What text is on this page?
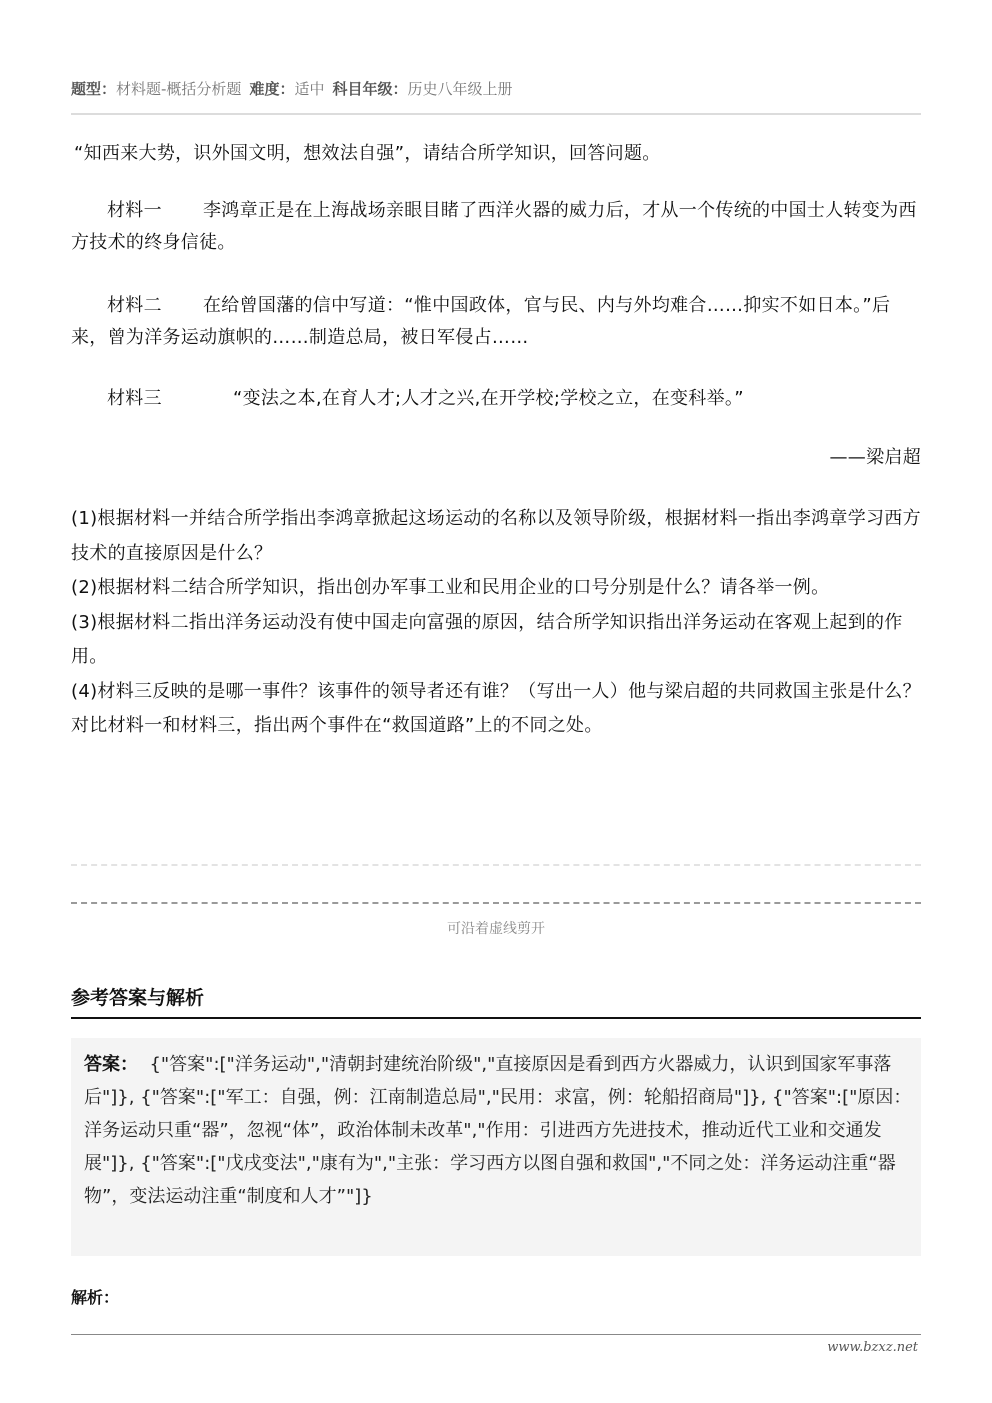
题型：材料题-概括分析题 难度：适中 科目年级：历史八年级上册
“知西来大势，识外国文明，想效法自强”，请结合所学知识，回答问题。
材料一 李鸿章正是在上海战场亲眼目睹了西洋火器的威力后，才从一个传统的中国士人转变为西方技术的终身信徒。
材料二 在给曾国藩的信中写道：“惟中国政体，官与民、内与外均难合……抑实不如日本。”后来，曾为洋务运动旗帜的……制造总局，被日军侵占……
材料三	“变法之本,在育人才;人才之兴,在开学校;学校之立，在变科举。”
——梁启超

(1)根据材料一并结合所学指出李鸿章掀起这场运动的名称以及领导阶级，根据材料一指出李鸿章学习西方技术的直接原因是什么？

(2)根据材料二结合所学知识，指出创办军事工业和民用企业的口号分别是什么？请各举一例。

(3)根据材料二指出洋务运动没有使中国走向富强的原因，结合所学知识指出洋务运动在客观上起到的作用。

(4)材料三反映的是哪一事件？该事件的领导者还有谁？（写出一人）他与梁启超的共同救国主张是什么？对比材料一和材料三，指出两个事件在“救国道路”上的不同之处。

可沿着虚线剪开
参考答案与解析
答案： {"答案":["洋务运动","清朝封建统治阶级","直接原因是看到西方火器威力，认识到国家军事落后"]}, {"答案":["军工：自强，例：江南制造总局","民用：求富，例：轮船招商局"]}, {"答案":["原因：洋务运动只重“器”，忽视“体”，政治体制未改革","作用：引进西方先进技术，推动近代工业和交通发展"]}, {"答案":["戊戌变法","康有为","主张：学习西方以图自强和救国","不同之处：洋务运动注重“器物”，变法运动注重“制度和人才”"]}
解析：
www.bzxz.net
